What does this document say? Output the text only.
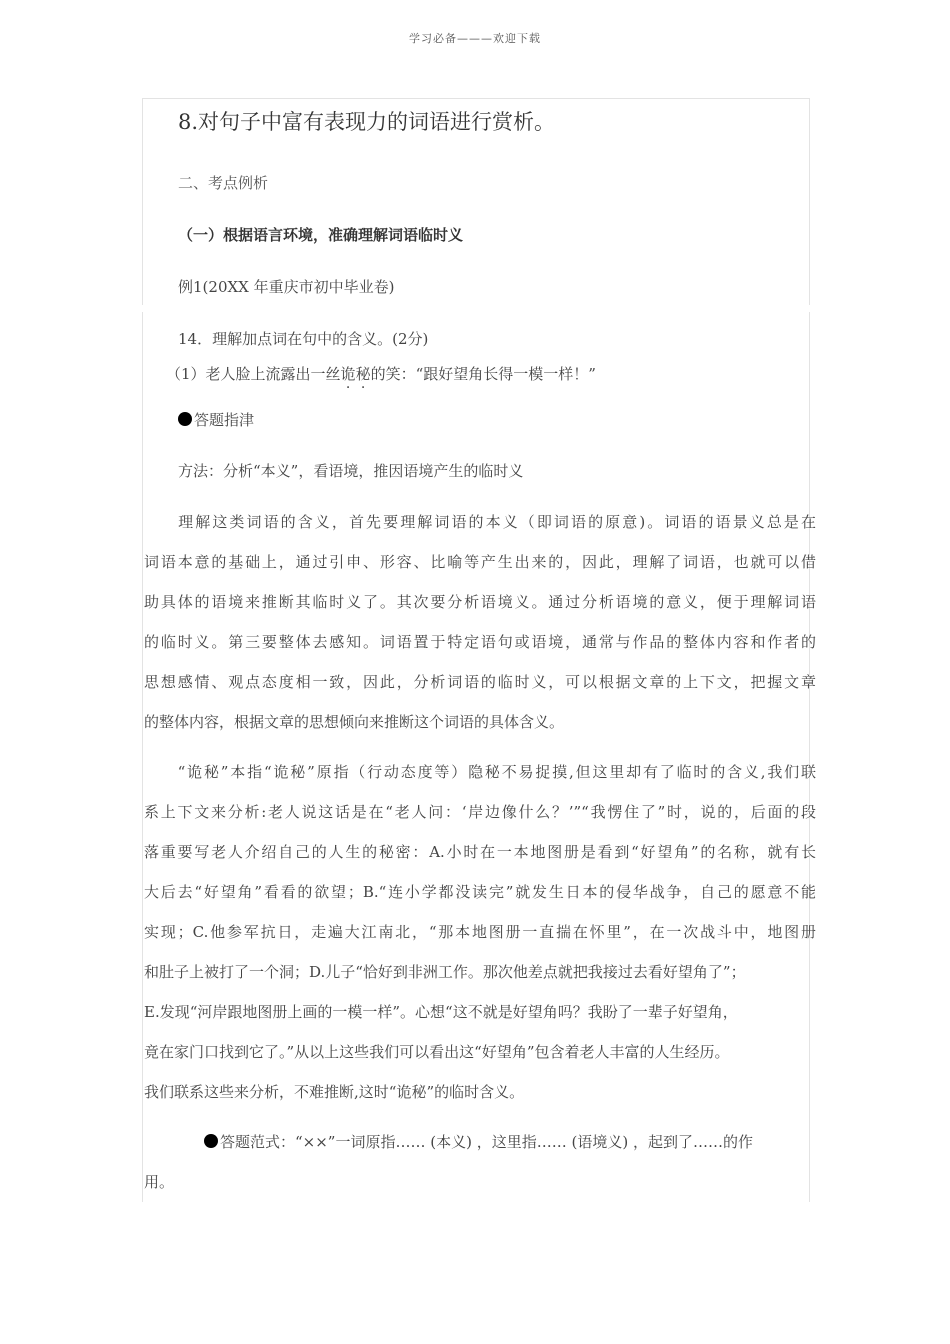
学习必备———欢迎下载
8.对句子中富有表现力的词语进行赏析。
二、考点例析
（一）根据语言环境，准确理解词语临时义
例1(20XX 年重庆市初中毕业卷)
14．理解加点词在句中的含义。(2分)
（1）老人脸上流露出一丝诡秘的笑：“跟好望角长得一模一样！”
答题指津
方法：分析“本义”，看语境，推因语境产生的临时义
　　理解这类词语的含义，首先要理解词语的本义（即词语的原意)。词语的语景义总是在
词语本意的基础上，通过引申、形容、比喻等产生出来的，因此，理解了词语，也就可以借
助具体的语境来推断其临时义了。其次要分析语境义。通过分析语境的意义，便于理解词语
的临时义。第三要整体去感知。词语置于特定语句或语境，通常与作品的整体内容和作者的
思想感情、观点态度相一致，因此，分析词语的临时义，可以根据文章的上下文，把握文章
的整体内容，根据文章的思想倾向来推断这个词语的具体含义。
　　“诡秘”本指“诡秘”原指（行动态度等）隐秘不易捉摸,但这里却有了临时的含义,我们联
系上下文来分析:老人说这话是在“老人问：‘岸边像什么？’”“我愣住了”时，说的，后面的段
落重要写老人介绍自己的人生的秘密：A.小时在一本地图册是看到“好望角”的名称，就有长
大后去“好望角”看看的欲望；B.“连小学都没读完”就发生日本的侵华战争，自己的愿意不能
实现；C.他参军抗日，走遍大江南北，“那本地图册一直揣在怀里”，在一次战斗中，地图册
和肚子上被打了一个洞；D.儿子“恰好到非洲工作。那次他差点就把我接过去看好望角了”；
E.发现“河岸跟地图册上画的一模一样”。心想“这不就是好望角吗？我盼了一辈子好望角，
竟在家门口找到它了。”从以上这些我们可以看出这“好望角”包含着老人丰富的人生经历。
我们联系这些来分析，不难推断,这时“诡秘”的临时含义。
答题范式：“××”一词原指…… (本义) ，这里指…… (语境义) ，起到了……的作
用。
